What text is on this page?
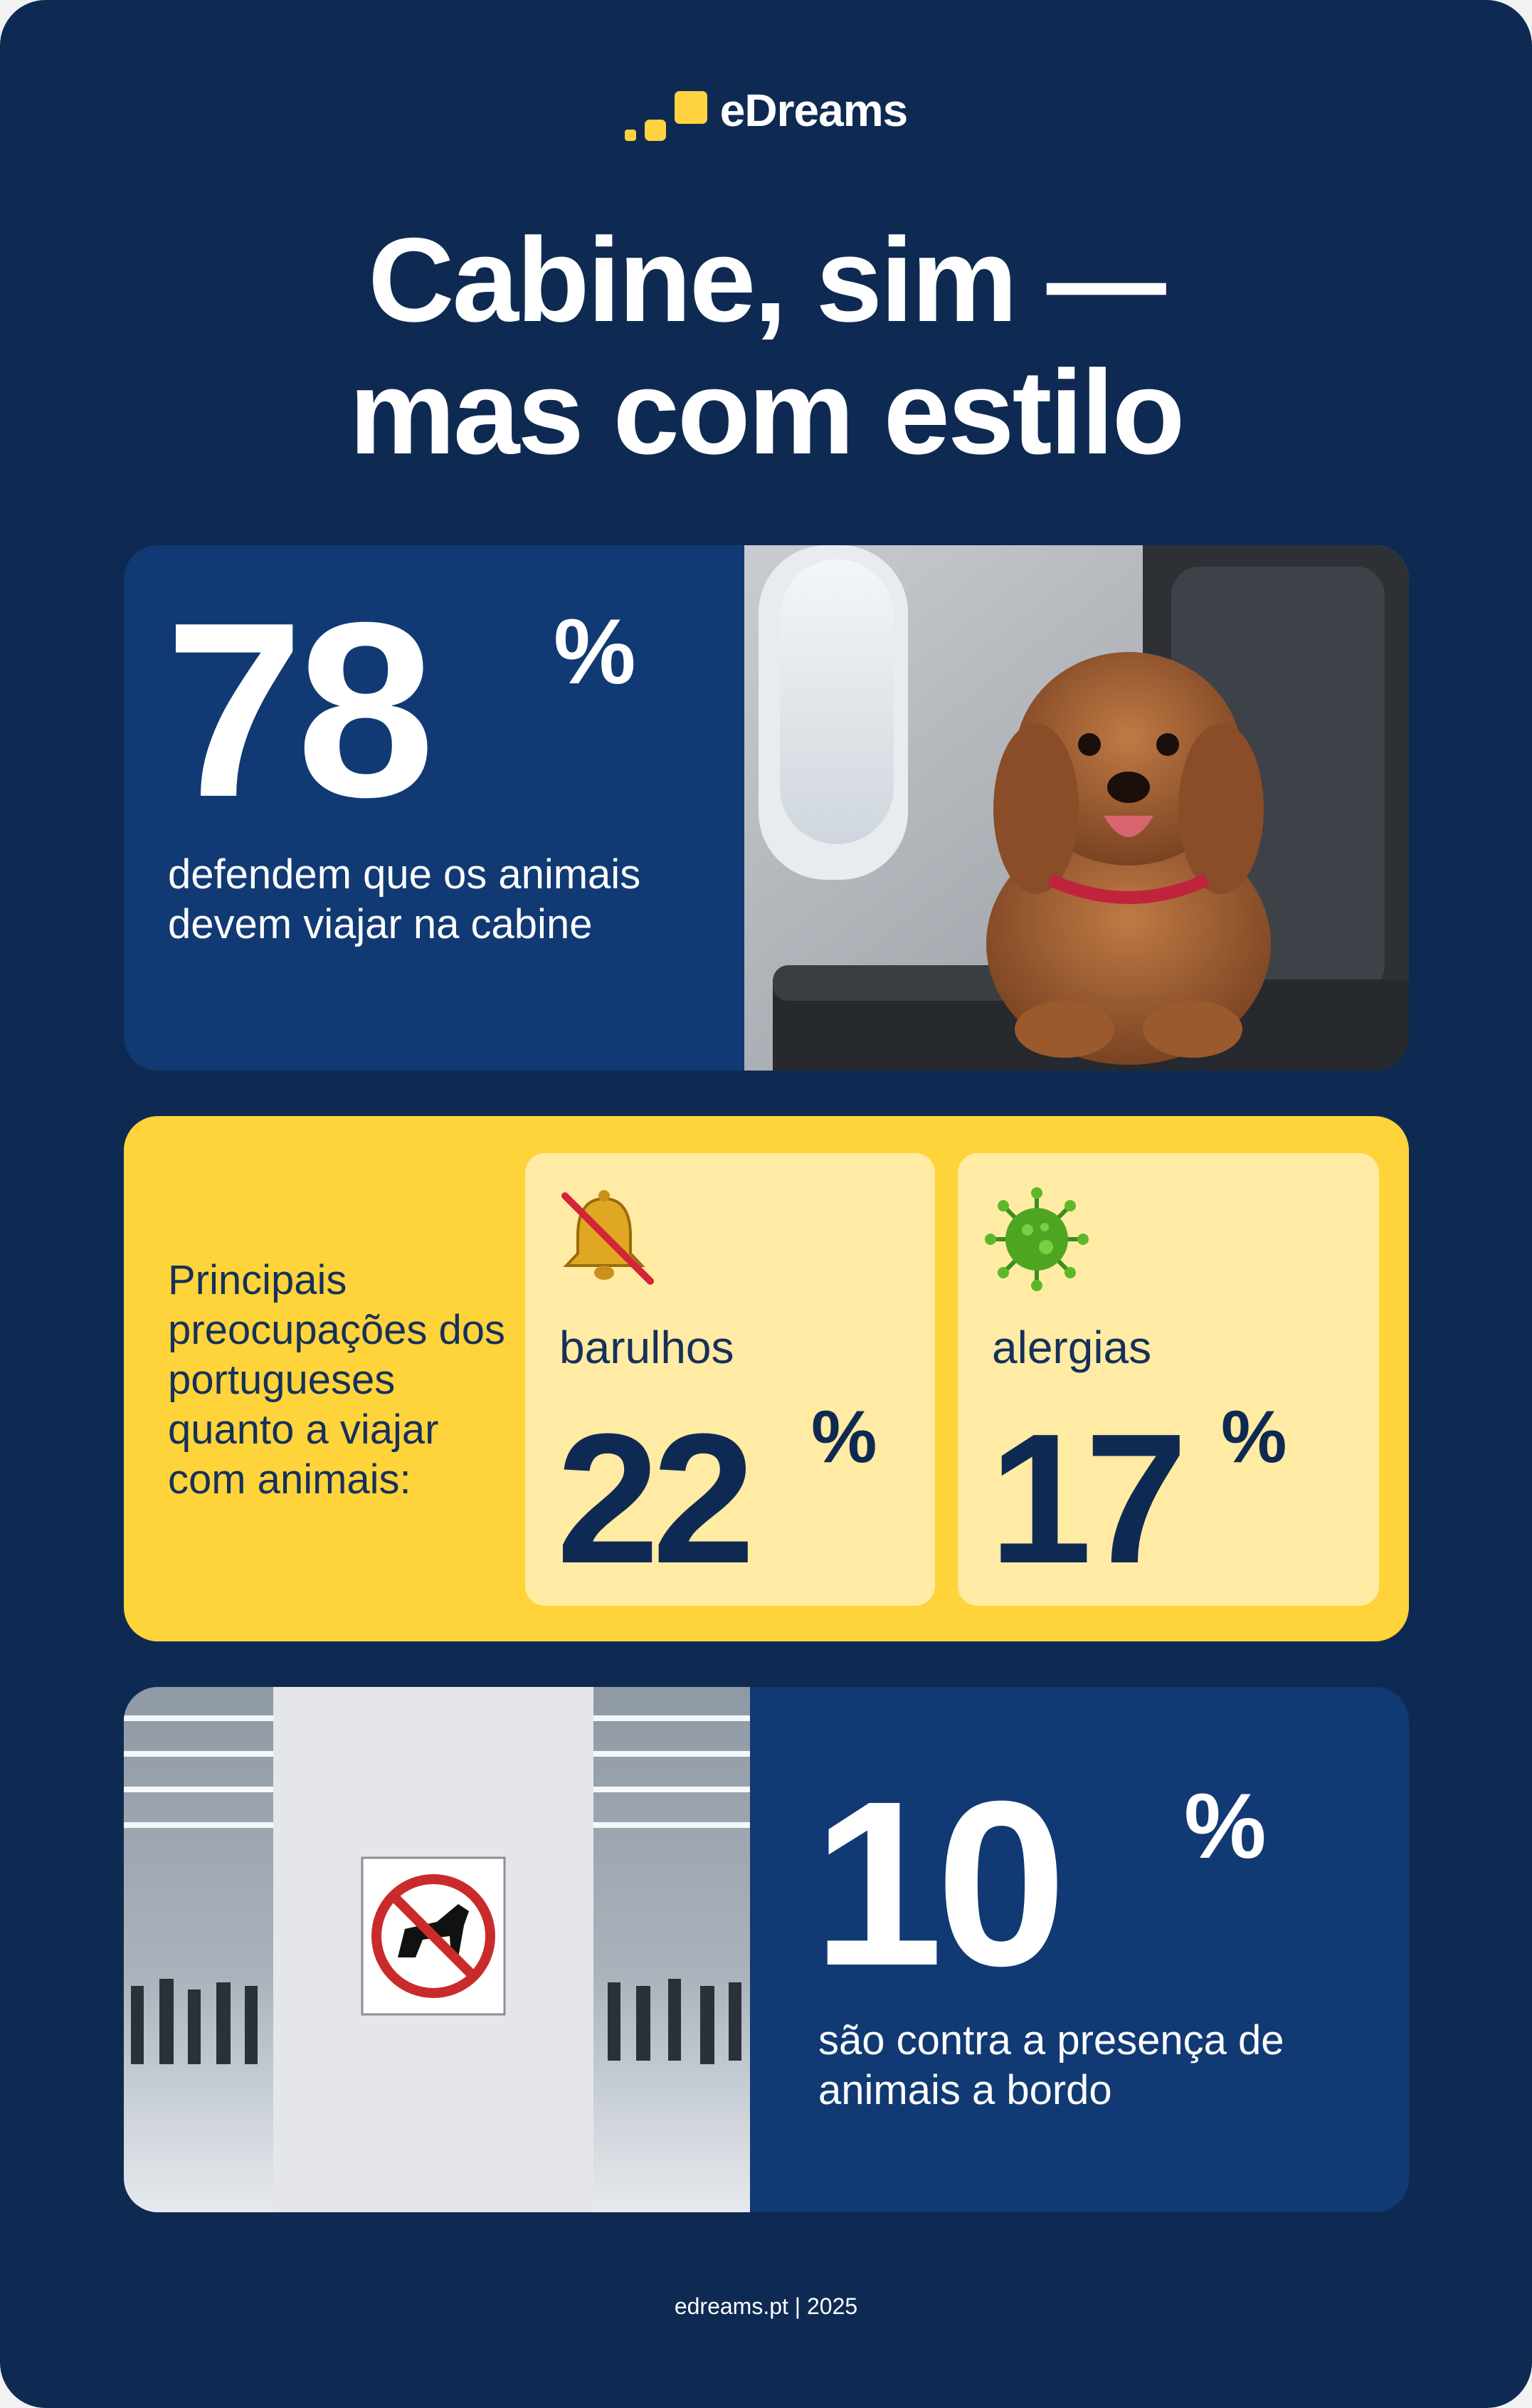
eDreams
Cabine, sim —
mas com estilo
78 %
defendem que os animais devem viajar na cabine
Principais preocupações dos portugueses quanto a viajar com animais:
barulhos
22 %
alergias
17 %
10 %
são contra a presença de animais a bordo
edreams.pt | 2025
